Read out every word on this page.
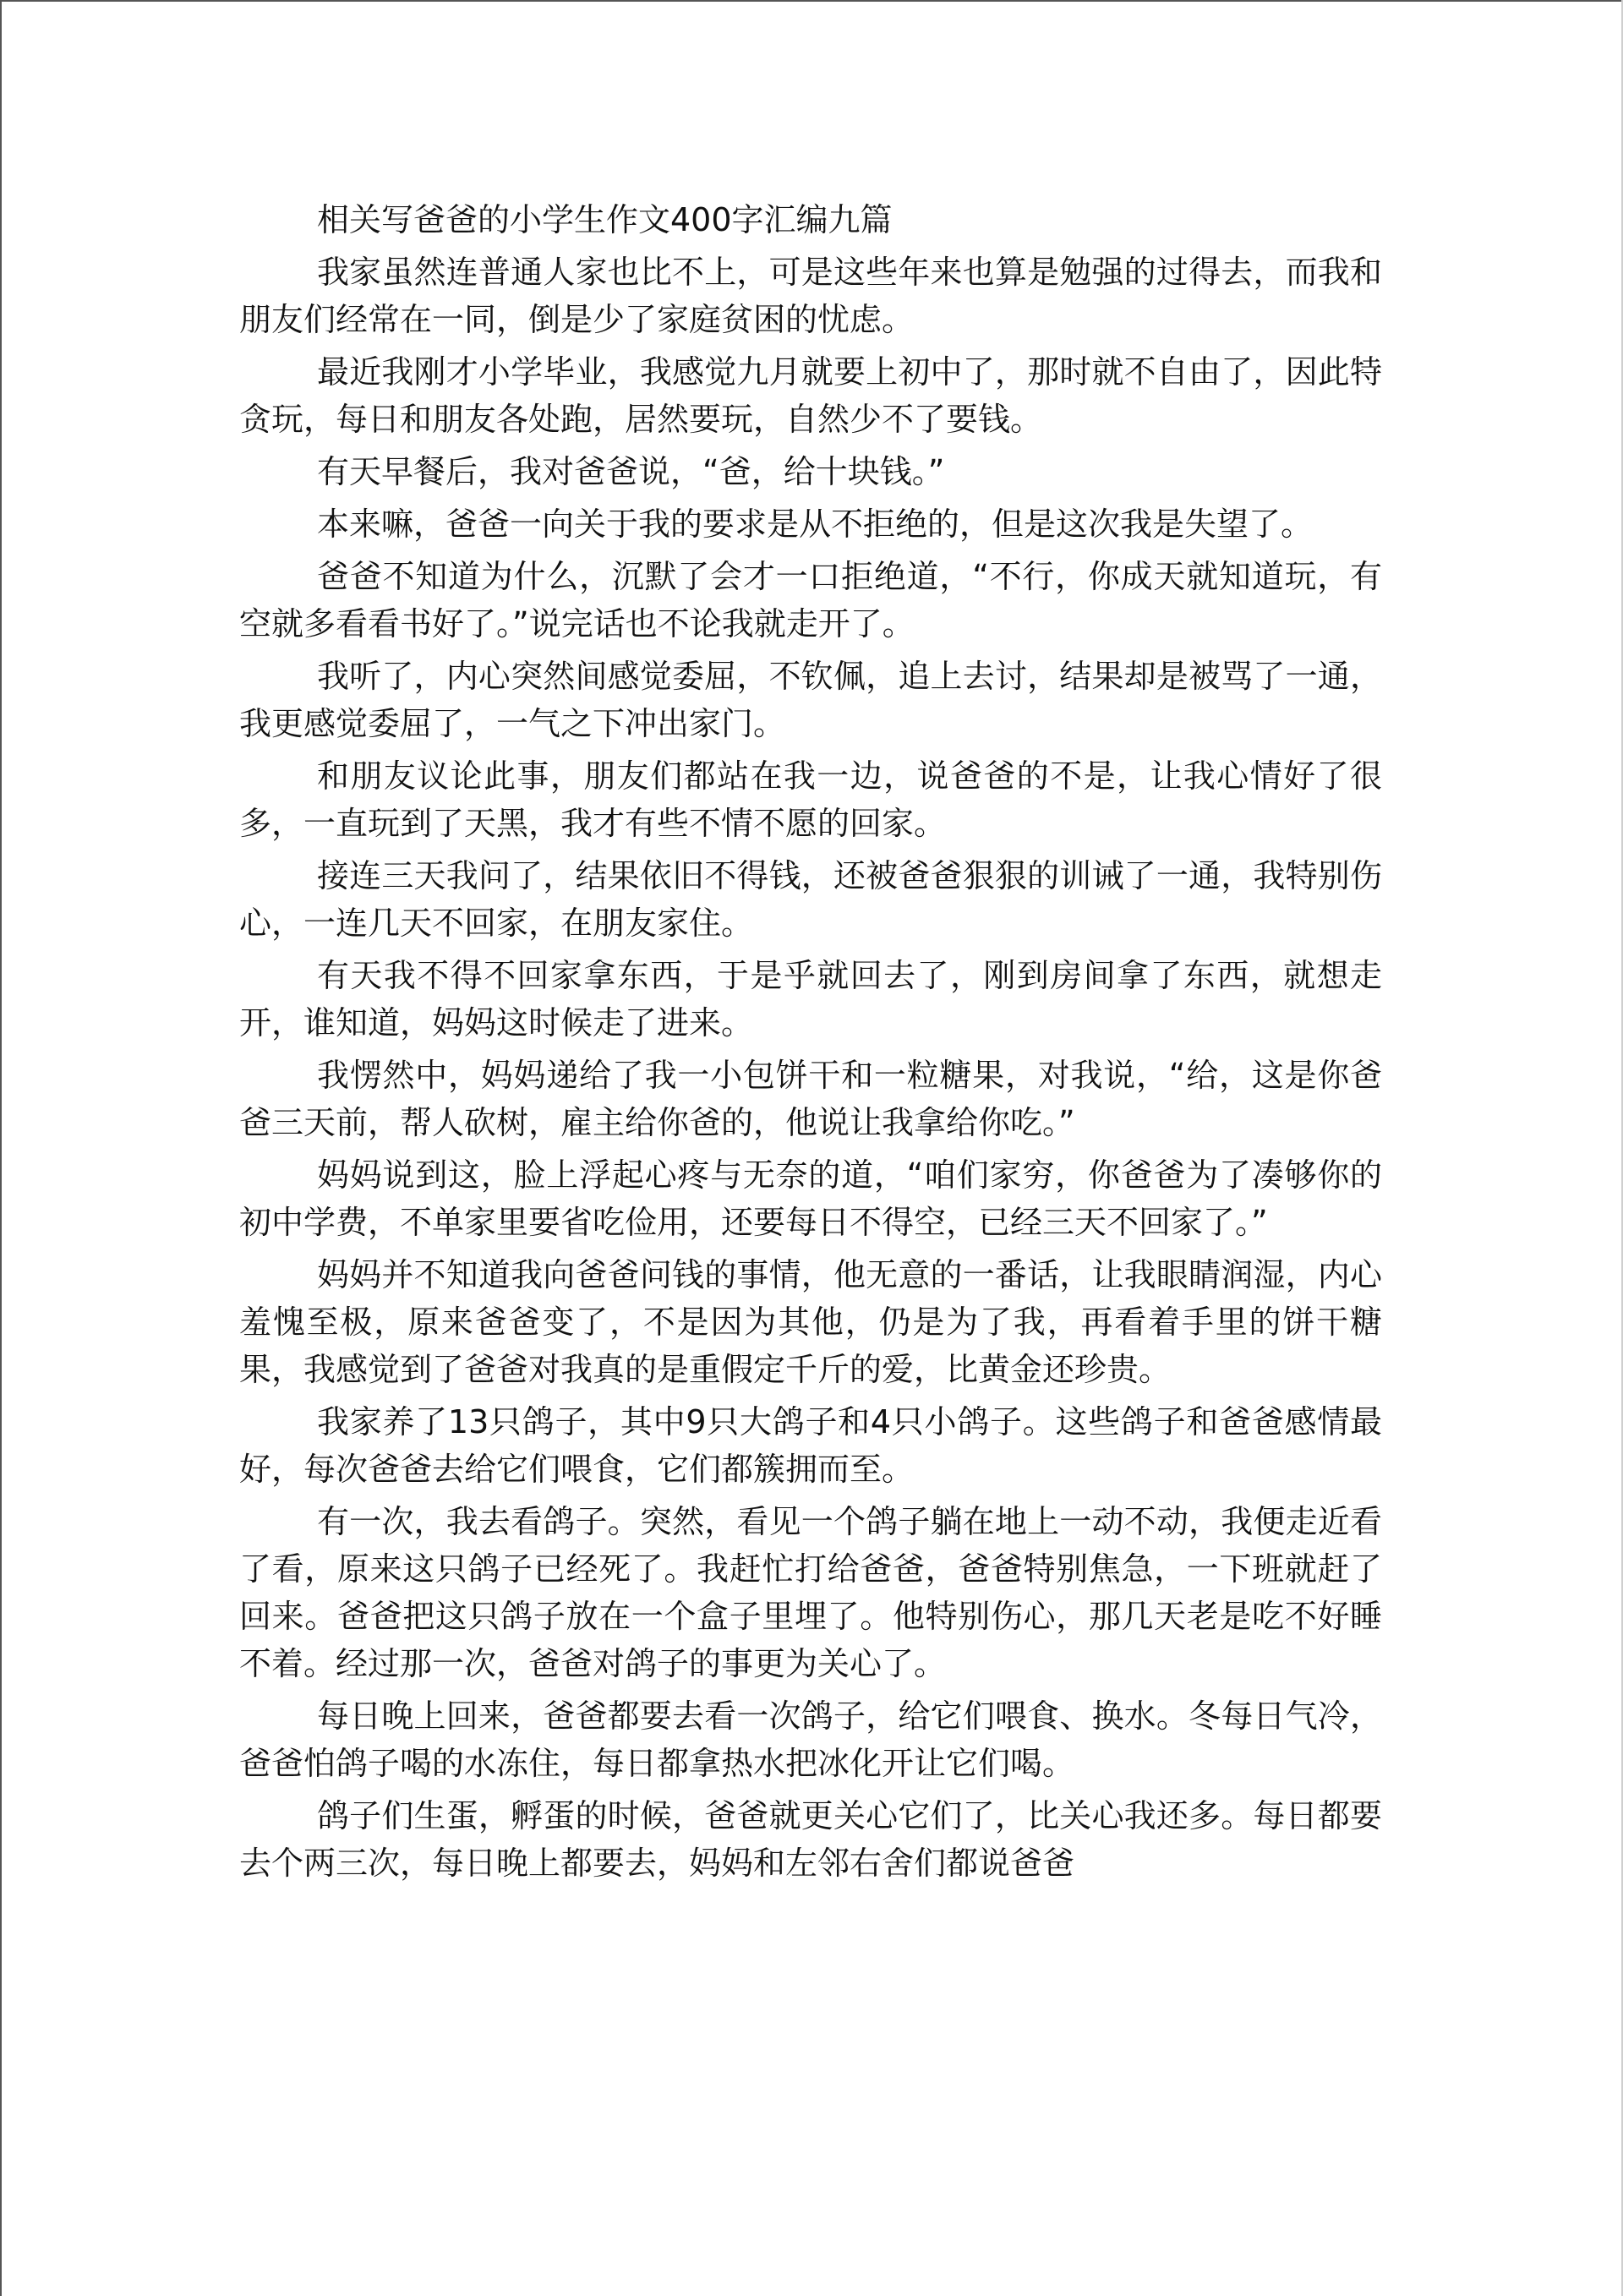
相关写爸爸的小学生作文400字汇编九篇

我家虽然连普通人家也比不上，可是这些年来也算是勉强的过得去，而我和朋友们经常在一同，倒是少了家庭贫困的忧虑。

最近我刚才小学毕业，我感觉九月就要上初中了，那时就不自由了，因此特贪玩，每日和朋友各处跑，居然要玩，自然少不了要钱。

有天早餐后，我对爸爸说，“爸，给十块钱。”

本来嘛，爸爸一向关于我的要求是从不拒绝的，但是这次我是失望了。

爸爸不知道为什么，沉默了会才一口拒绝道，“不行，你成天就知道玩，有空就多看看书好了。”说完话也不论我就走开了。

我听了，内心突然间感觉委屈，不钦佩，追上去讨，结果却是被骂了一通，我更感觉委屈了，一气之下冲出家门。

和朋友议论此事，朋友们都站在我一边，说爸爸的不是，让我心情好了很多，一直玩到了天黑，我才有些不情不愿的回家。

接连三天我问了，结果依旧不得钱，还被爸爸狠狠的训诫了一通，我特别伤心，一连几天不回家，在朋友家住。

有天我不得不回家拿东西，于是乎就回去了，刚到房间拿了东西，就想走开，谁知道，妈妈这时候走了进来。

我愣然中，妈妈递给了我一小包饼干和一粒糖果，对我说，“给，这是你爸爸三天前，帮人砍树，雇主给你爸的，他说让我拿给你吃。”

妈妈说到这，脸上浮起心疼与无奈的道，“咱们家穷，你爸爸为了凑够你的初中学费，不单家里要省吃俭用，还要每日不得空，已经三天不回家了。”

妈妈并不知道我向爸爸问钱的事情，他无意的一番话，让我眼睛润湿，内心羞愧至极，原来爸爸变了，不是因为其他，仍是为了我，再看着手里的饼干糖果，我感觉到了爸爸对我真的是重假定千斤的爱，比黄金还珍贵。

我家养了13只鸽子，其中9只大鸽子和4只小鸽子。这些鸽子和爸爸感情最好，每次爸爸去给它们喂食，它们都簇拥而至。

有一次，我去看鸽子。突然，看见一个鸽子躺在地上一动不动，我便走近看了看，原来这只鸽子已经死了。我赶忙打给爸爸，爸爸特别焦急，一下班就赶了回来。爸爸把这只鸽子放在一个盒子里埋了。他特别伤心，那几天老是吃不好睡不着。经过那一次，爸爸对鸽子的事更为关心了。

每日晚上回来，爸爸都要去看一次鸽子，给它们喂食、换水。冬每日气冷，爸爸怕鸽子喝的水冻住，每日都拿热水把冰化开让它们喝。

鸽子们生蛋，孵蛋的时候，爸爸就更关心它们了，比关心我还多。每日都要去个两三次，每日晚上都要去，妈妈和左邻右舍们都说爸爸
